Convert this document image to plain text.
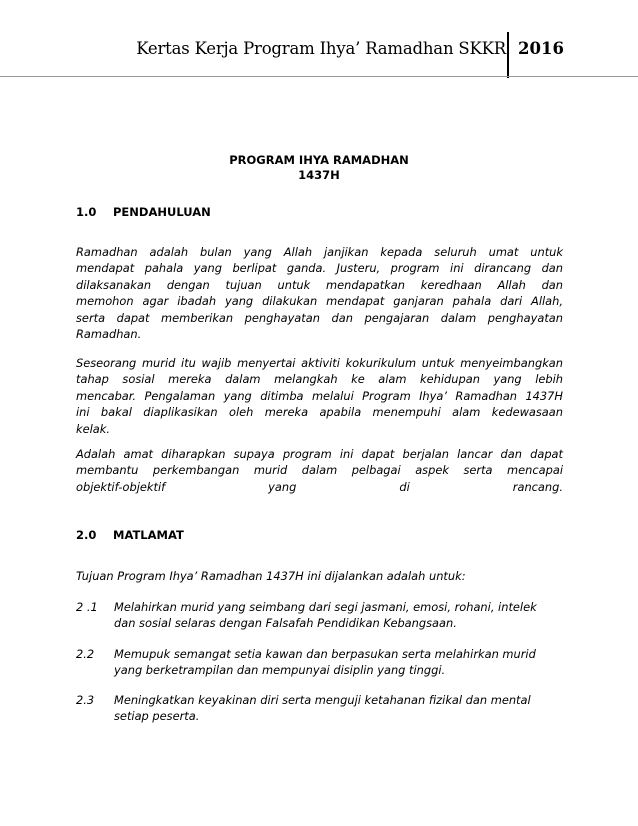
Kertas Kerja Program Ihya’ Ramadhan SKKR 2016
PROGRAM IHYA RAMADHAN
1437H
1.0	PENDAHULUAN
Ramadhan adalah bulan yang Allah janjikan kepada seluruh umat untuk
mendapat pahala yang berlipat ganda. Justeru, program ini dirancang dan
dilaksanakan dengan tujuan untuk mendapatkan keredhaan Allah dan
memohon agar ibadah yang dilakukan mendapat ganjaran pahala dari Allah,
serta dapat memberikan penghayatan dan pengajaran dalam penghayatan
Ramadhan.
Seseorang murid itu wajib menyertai aktiviti kokurikulum untuk menyeimbangkan
tahap sosial mereka dalam melangkah ke alam kehidupan yang lebih
mencabar. Pengalaman yang ditimba melalui Program Ihya’ Ramadhan 1437H
ini bakal diaplikasikan oleh mereka apabila menempuhi alam kedewasaan
kelak.
Adalah amat diharapkan supaya program ini dapat berjalan lancar dan dapat
membantu perkembangan murid dalam pelbagai aspek serta mencapai
objektif-objektif yang di rancang.
2.0	MATLAMAT
Tujuan Program Ihya’ Ramadhan 1437H ini dijalankan adalah untuk:
2 .1	Melahirkan murid yang seimbang dari segi jasmani, emosi, rohani, intelek
dan sosial selaras dengan Falsafah Pendidikan Kebangsaan.
2.2	Memupuk semangat setia kawan dan berpasukan serta melahirkan murid
yang berketrampilan dan mempunyai disiplin yang tinggi.
2.3	Meningkatkan keyakinan diri serta menguji ketahanan fizikal dan mental
setiap peserta.
